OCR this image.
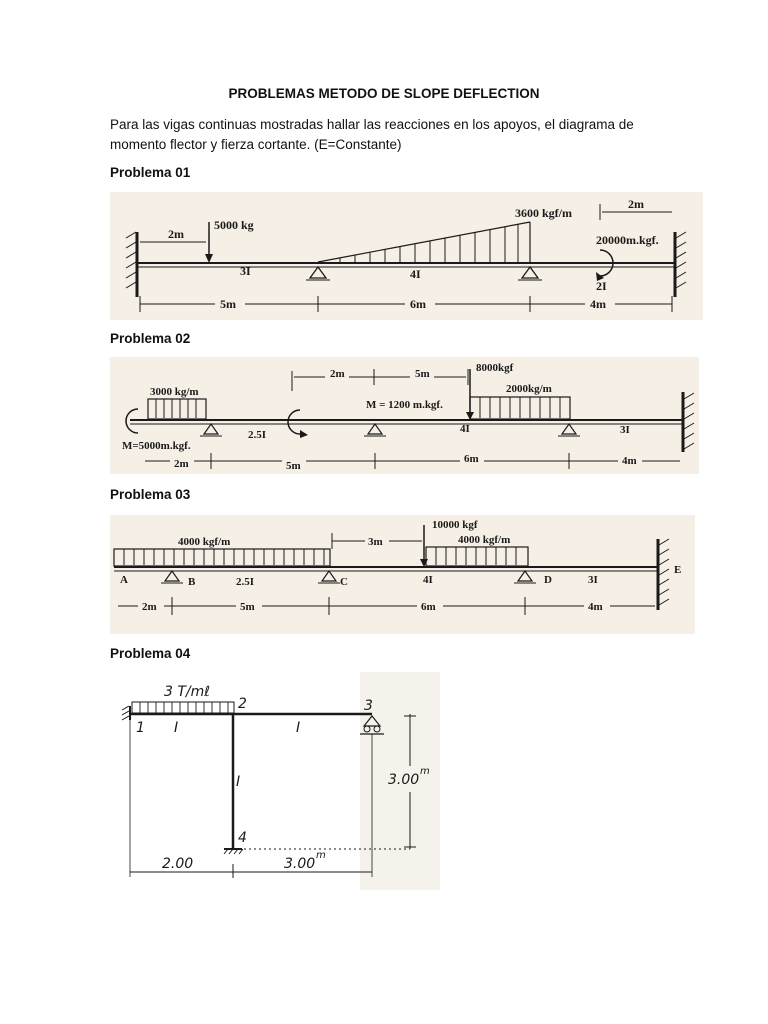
PROBLEMAS METODO DE SLOPE DEFLECTION
Para las vigas continuas mostradas hallar las reacciones en los apoyos, el diagrama de momento flector y fierza cortante. (E=Constante)
Problema 01
5000 kg
2m
3600 kgf/m
3I	4I
20000m.kgf.
2I
2m
5m	6m	4m
Problema 02
3000 kg/m
M=5000m.kgf.
2.5I
2m	5m
M = 1200 m.kgf.
8000kgf
2000kg/m
4I	3I
2m	5m
6m	4m
Problema 03
4000 kgf/m	3m
10000 kgf
4000 kgf/m
A	B	C	D
E
2.5I	4I	3I
2m	5m	6m	4m
Problema 04
3 T/mℓ
1
2	3
4
I	I
I	3.00
m
2.00	3.00
m
